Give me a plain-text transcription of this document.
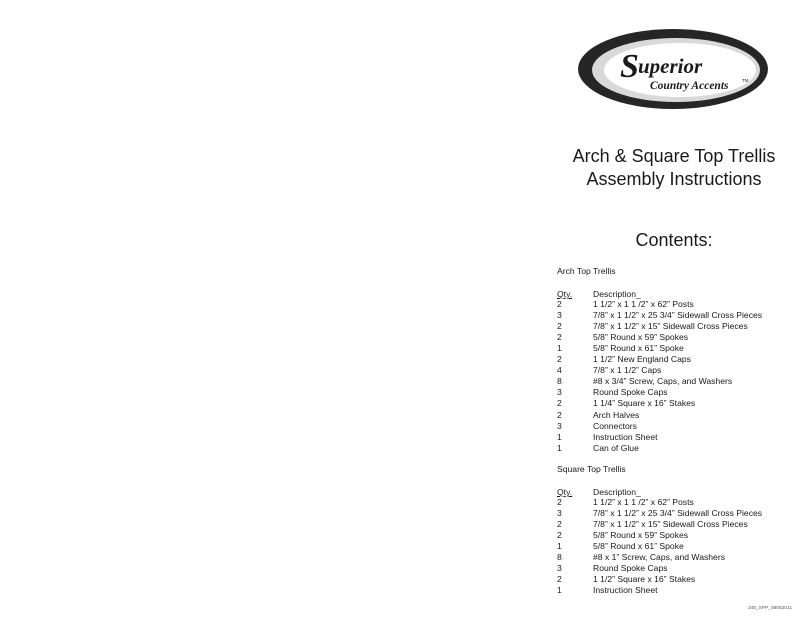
S uperior
Country Accents	TM
Arch & Square Top Trellis
Assembly Instructions
Contents:
Arch Top Trellis
Qty. Description_
2	1 1/2” x 1 1 /2” x 62” Posts
3	7/8” x 1 1/2” x 25 3/4” Sidewall Cross Pieces
2	7/8” x 1 1/2” x 15” Sidewall Cross Pieces
2	5/8” Round x 59” Spokes
1	5/8” Round x 61” Spoke
2	1 1/2” New England Caps
4	7/8” x 1 1/2” Caps
8	#8 x 3/4” Screw, Caps, and Washers
3	Round Spoke Caps
2	1 1/4” Square x 16” Stakes
2	Arch Halves
3	Connectors
1	Instruction Sheet
1	Can of Glue
Square Top Trellis
Qty. Description_
2	1 1/2” x 1 1 /2” x 62” Posts
3	7/8” x 1 1/2” x 25 3/4” Sidewall Cross Pieces
2	7/8” x 1 1/2” x 15” Sidewall Cross Pieces
2	5/8” Round x 59” Spokes
1	5/8” Round x 61” Spoke
8	#8 x 1” Screw, Caps, and Washers
3	Round Spoke Caps
2	1 1/2” Square x 16” Stakes
1	Instruction Sheet
345_SPP_08052011
